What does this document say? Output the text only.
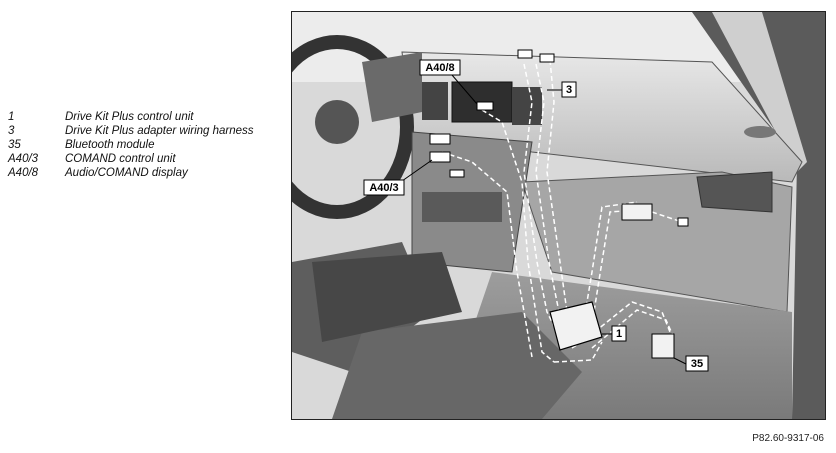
1	Drive Kit Plus control unit
3	Drive Kit Plus adapter wiring harness
35	Bluetooth module
A40/3	COMAND control unit
A40/8	Audio/COMAND display
A40/8
3
A40/3
1
35
P82.60-9317-06
